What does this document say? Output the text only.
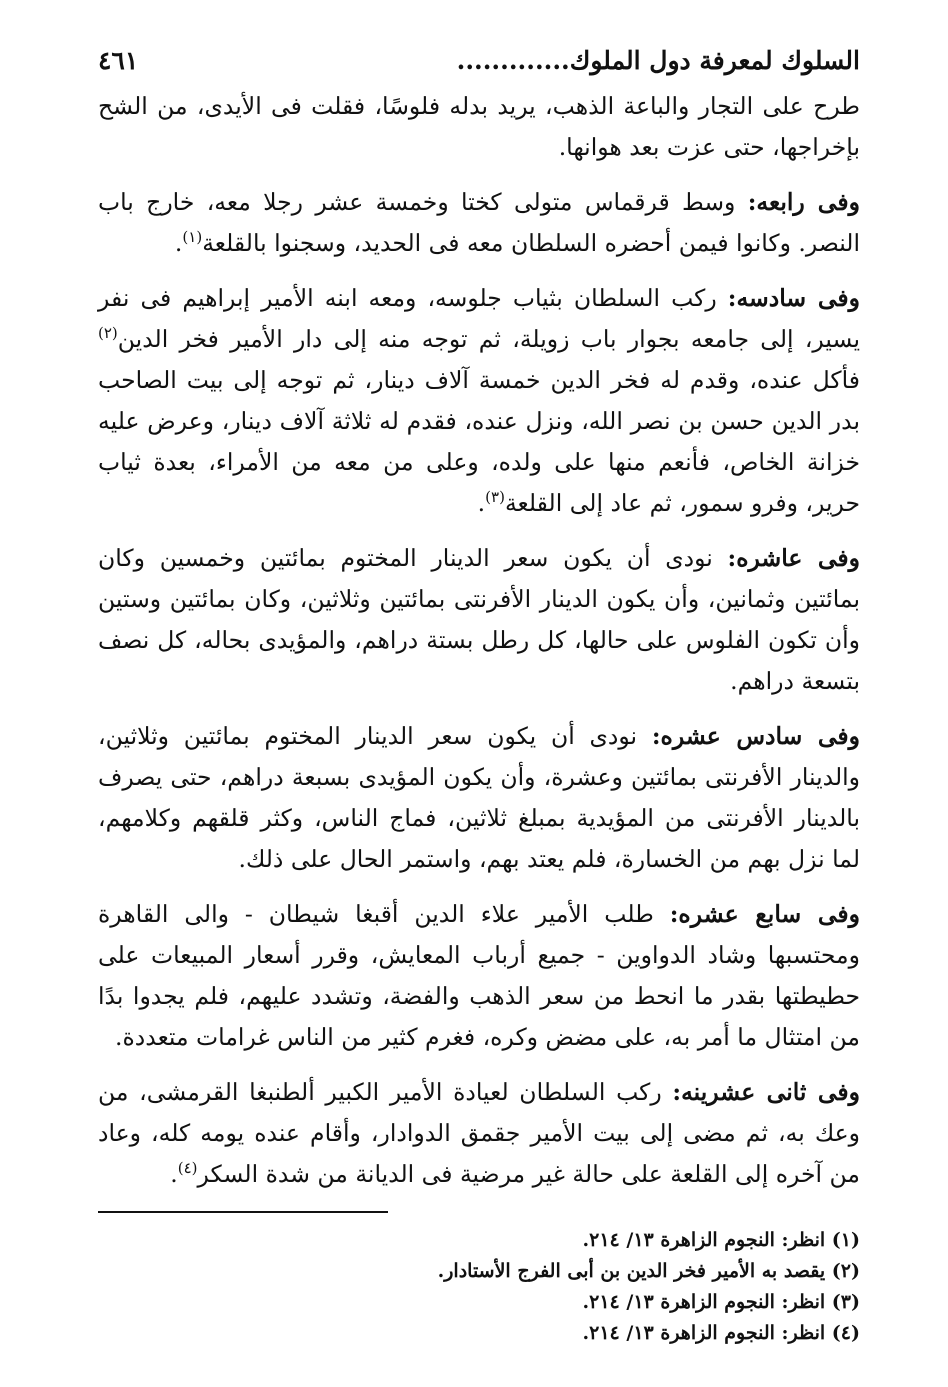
السلوك لمعرفة دول الملوك.............
٤٦١

طرح على التجار والباعة الذهب، يريد بدله فلوسًا، فقلت فى الأيدى، من الشح بإخراجها، حتى عزت بعد هوانها.

وفى رابعه: وسط قرقماس متولى كختا وخمسة عشر رجلا معه، خارج باب النصر. وكانوا فيمن أحضره السلطان معه فى الحديد، وسجنوا بالقلعة$^{(١)}$.

وفى سادسه: ركب السلطان بثياب جلوسه، ومعه ابنه الأمير إبراهيم فى نفر يسير، إلى جامعه بجوار باب زويلة، ثم توجه منه إلى دار الأمير فخر الدين$^{(٢)}$ فأكل عنده، وقدم له فخر الدين خمسة آلاف دينار، ثم توجه إلى بيت الصاحب بدر الدين حسن بن نصر الله، ونزل عنده، فقدم له ثلاثة آلاف دينار، وعرض عليه خزانة الخاص، فأنعم منها على ولده، وعلى من معه من الأمراء، بعدة ثياب حرير، وفرو سمور، ثم عاد إلى القلعة$^{(٣)}$.

وفى عاشره: نودى أن يكون سعر الدينار المختوم بمائتين وخمسين وكان بمائتين وثمانين، وأن يكون الدينار الأفرنتى بمائتين وثلاثين، وكان بمائتين وستين وأن تكون الفلوس على حالها، كل رطل بستة دراهم، والمؤيدى بحاله، كل نصف بتسعة دراهم.

وفى سادس عشره: نودى أن يكون سعر الدينار المختوم بمائتين وثلاثين، والدينار الأفرنتى بمائتين وعشرة، وأن يكون المؤيدى بسبعة دراهم، حتى يصرف بالدينار الأفرنتى من المؤيدية بمبلغ ثلاثين، فماج الناس، وكثر قلقهم وكلامهم، لما نزل بهم من الخسارة، فلم يعتد بهم، واستمر الحال على ذلك.

وفى سابع عشره: طلب الأمير علاء الدين أقبغا شيطان - والى القاهرة ومحتسبها وشاد الدواوين - جميع أرباب المعايش، وقرر أسعار المبيعات على حطيطتها بقدر ما انحط من سعر الذهب والفضة، وتشدد عليهم، فلم يجدوا بدًا من امتثال ما أمر به، على مضض وكره، فغرم كثير من الناس غرامات متعددة.

وفى ثانى عشرينه: ركب السلطان لعيادة الأمير الكبير ألطنبغا القرمشى، من وعك به، ثم مضى إلى بيت الأمير جقمق الدوادار، وأقام عنده يومه كله، وعاد من آخره إلى القلعة على حالة غير مرضية فى الديانة من شدة السكر$^{(٤)}$.

(١) انظر: النجوم الزاهرة ١٣/ ٢١٤.
(٢) يقصد به الأمير فخر الدين بن أبى الفرج الأستادار.
(٣) انظر: النجوم الزاهرة ١٣/ ٢١٤.
(٤) انظر: النجوم الزاهرة ١٣/ ٢١٤.
